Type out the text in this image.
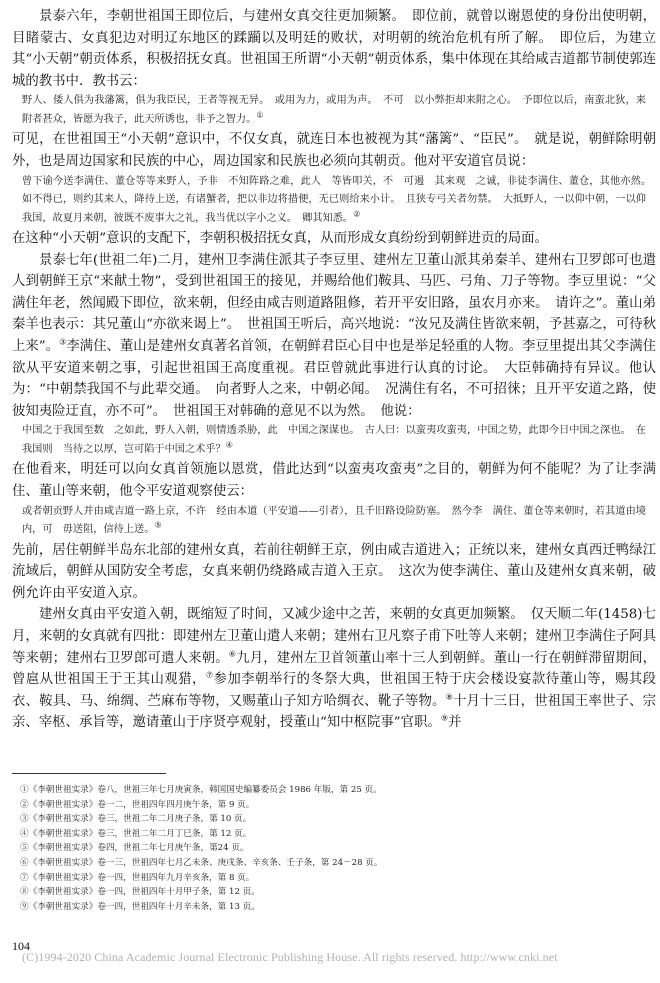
景泰六年，李朝世祖国王即位后，与建州女真交往更加频繁。　即位前，就曾以谢恩使的身份出使明朝，目睹蒙古、女真犯边对明辽东地区的蹂躏以及明廷的败状，对明朝的统治危机有所了解。　即位后，为建立其“小天朝”朝贡体系，积极招抚女真。世祖国王所谓“小天朝”朝贡体系，集中体现在其给咸吉道都节制使郭连城的教书中．教书云：

野人、倭人俱为我藩篱，俱为我臣民，王者等视无异。　或用为力，或用为声。　不可　以小弊拒却来附之心。　予即位以后，南蛮北狄，来附者甚众，皆愿为我子，此天所诱也，非予之智力。①

可见，在世祖国王“小天朝”意识中，不仅女真，就连日本也被视为其“藩篱”、“臣民”。　就是说，朝鲜除明朝外，也是周边国家和民族的中心，周边国家和民族也必须向其朝贡。他对平安道官员说：

曾下谕今送李满住、董仓等等来野人，予非　不知阵路之难，此人　等皆叩关，不　可遏　其来观　之诚，非徒李满住、董仓，其他亦然。　如不得已，则约其来人，降待上送，有诸蟹者，把以非边将措便，无已则给来小计。　且狭专弓关者勿禁。　大抵野人，一以仰中朝，一以仰我国，故夏月来朝，彼既不废事大之礼，我当优以字小之义。　卿其知悉。②

在这种“小天朝”意识的支配下，李朝积极招抚女真，从而形成女真纷纷到朝鲜进贡的局面。

景泰七年(世祖二年)二月，建州卫李满住派其子李豆里、建州左卫董山派其弟秦羊、建州右卫罗郎可也遣人到朝鲜王京“来献土物”，受到世祖国王的接见，并赐给他们鞍具、马匹、弓角、刀子等物。李豆里说：“父满住年老，然闻殿下即位，欲来朝，但经由咸吉则道路阻修，若开平安旧路，虽农月亦来。　请许之”。董山弟秦羊也表示：其兄董山“亦欲来谒上”。　世祖国王听后，高兴地说：“汝兄及满住皆欲来朝，予甚嘉之，可待秋上来”。③李满住、董山是建州女真著名首领，在朝鲜君臣心目中也是举足轻重的人物。李豆里提出其父李满住欲从平安道来朝之事，引起世祖国王高度重视。君臣曾就此事进行认真的讨论。　大臣韩确持有异议。他认为：“中朝禁我国不与此辈交通。　向者野人之来，中朝必闻。　况满住有名，不可招徕；且开平安道之路，使彼知夷险迂直，亦不可”。　世祖国王对韩确的意见不以为然。　他说：

中国之于我国至数　之如此，野人入朝，则情透杀胁，此　中国之深谋也。　古人曰：以蛮夷攻蛮夷，中国之势，此即今日中国之深也。　在我国则　当待之以厚，岂可陷于中国之术乎？④

在他看来，明廷可以向女真首领施以恩赏，借此达到“以蛮夷攻蛮夷”之目的，朝鲜为何不能呢？为了让李满住、董山等来朝，他令平安道观察使云：

或者朝贡野人并由咸吉道一路上京，不许　经由本道（平安道——引者），且千旧路设险防塞。　然今李　满住、董仓等来朝时，若其道由境内，可　毋送阻，信待上送。⑤

先前，居住朝鲜半岛东北部的建州女真，若前往朝鲜王京，例由咸吉道进入；正统以来，建州女真西迁鸭绿江流域后，朝鲜从国防安全考虑，女真来朝仍绕路咸吉道入王京。　这次为使李满住、董山及建州女真来朝，破例允许由平安道入京。

建州女真由平安道入朝，既缩短了时间，又减少途中之苦，来朝的女真更加频繁。　仅天顺二年(1458)七月，来朝的女真就有四批：即建州左卫董山遣人来朝；建州右卫凡察子甫下吐等人来朝；建州卫李满住子阿具等来朝；建州右卫罗郎可遣人来朝。⑥九月，建州左卫首领董山率十三人到朝鲜。董山一行在朝鲜滞留期间，曾扈从世祖国王于王其山观猎，⑦参加李朝举行的冬祭大典，世祖国王特于庆会楼设宴款待董山等，赐其段衣、鞍具、马、绵绸、苎麻布等物，又赐董山子知方哈绸衣、靴子等物。⑧十月十三日，世祖国王率世子、宗亲、宰枢、承旨等，邀请董山于序贤亭观射，授董山“知中枢院事”官职。⑨并

①《李朝世祖实录》卷八，世祖三年七月庚寅条，韩国国史编纂委员会 1986 年版，第 25 页。
②《李朝世祖实录》卷一二，世祖四年四月庚午条，第 9 页。
③《李朝世祖实录》卷三，世祖二年二月庚子条，第 10 页。
④《李朝世祖实录》卷三，世祖二年二月丁巳条，第 12 页。
⑤《李朝世祖实录》卷四，世祖二年七月庚午条，第24 页。
⑥《李朝世祖实录》卷一三，世祖四年七月乙未条、庚戌条、辛亥条、壬子条，第 24－28 页。
⑦《李朝世祖实录》卷一四，世祖四年九月辛亥条，第 8 页。
⑧《李朝世祖实录》卷一四，世祖四年十月甲子条，第 12 页。
⑨《李朝世祖实录》卷一四，世祖四年十月辛未条，第 13 页。
104
(C)1994-2020 China Academic Journal Electronic Publishing House. All rights reserved. http://www.cnki.net
